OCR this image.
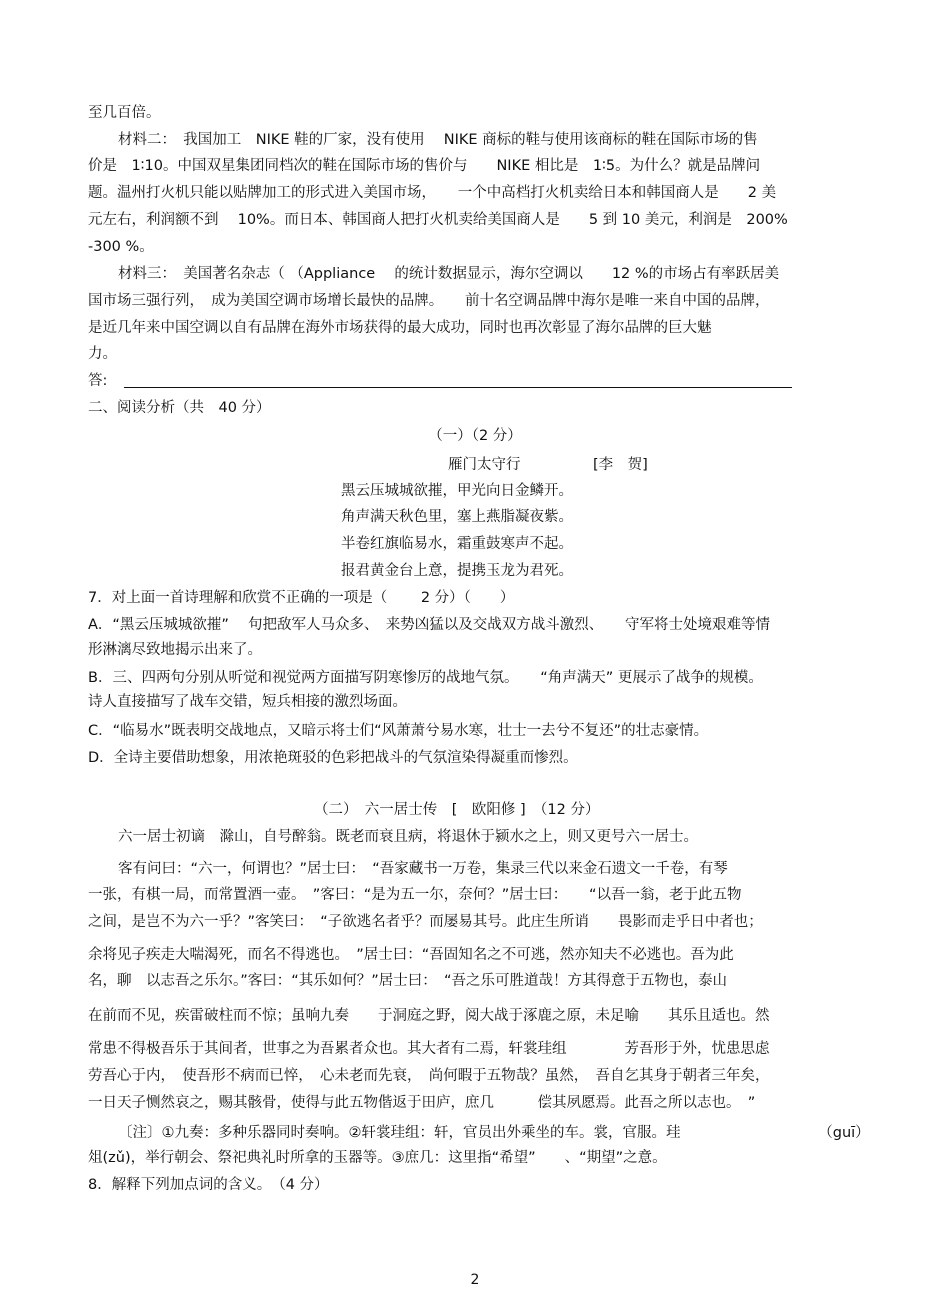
至几百倍。
材料二：　我国加工　NIKE 鞋的厂家，没有使用　 NIKE 商标的鞋与使用该商标的鞋在国际市场的售
价是　1∶10。中国双星集团同档次的鞋在国际市场的售价与　　NIKE 相比是　1∶5。为什么？就是品牌问
题。温州打火机只能以贴牌加工的形式进入美国市场，　　一个中高档打火机卖给日本和韩国商人是　　2 美
元左右，利润额不到　 10%。而日本、韩国商人把打火机卖给美国商人是　　5 到 10 美元，利润是　200%
-300 %。
材料三：　美国著名杂志（ （Appliance　 的统计数据显示，海尔空调以　　12 %的市场占有率跃居美
国市场三强行列，　成为美国空调市场增长最快的品牌。　　前十名空调品牌中海尔是唯一来自中国的品牌，
是近几年来中国空调以自有品牌在海外市场获得的最大成功，同时也再次彰显了海尔品牌的巨大魅
力。
答:
二、阅读分析（共　40 分）
（一）（2 分）
雁门太守行　　　　　[李　贺]
黑云压城城欲摧，甲光向日金鳞开。
角声满天秋色里，塞上燕脂凝夜紫。
半卷红旗临易水，霜重鼓寒声不起。
报君黄金台上意，提携玉龙为君死。
7．对上面一首诗理解和欣赏不正确的一项是（　　 2 分）（　　）
A．“黑云压城城欲摧”　 句把敌军人马众多、　来势凶猛以及交战双方战斗激烈、　　守军将士处境艰难等情
形淋漓尽致地揭示出来了。
B．三、四两句分别从听觉和视觉两方面描写阴寒惨厉的战地气氛。　　“角声满天” 更展示了战争的规模。
诗人直接描写了战车交错，短兵相接的激烈场面。
C．“临易水”既表明交战地点，又暗示将士们“风萧萧兮易水寒，壮士一去兮不复还”的壮志豪情。
D．全诗主要借助想象，用浓艳斑驳的色彩把战斗的气氛渲染得凝重而惨烈。
（二）　六一居士传　[　欧阳修 ]　（12 分）
六一居士初谪　滁山，自号醉翁。既老而衰且病，将退休于颍水之上，则又更号六一居士。
客有问曰：“六一，何谓也？”居士曰：　“吾家藏书一万卷，集录三代以来金石遗文一千卷，有琴
一张，有棋一局，而常置酒一壶。　”客曰：“是为五一尔，奈何？”居士曰：　　“以吾一翁，老于此五物
之间，是岂不为六一乎？”客笑曰：　“子欲逃名者乎？而屡易其号。此庄生所诮　　畏影而走乎日中者也；
余将见子疾走大喘渴死，而名不得逃也。　”居士曰：“吾固知名之不可逃，然亦知夫不必逃也。吾为此
名，聊　以志吾之乐尔。”客曰：“其乐如何？”居士曰：　“吾之乐可胜道哉！方其得意于五物也，泰山
在前而不见，疾雷破柱而不惊；虽响九奏　　于洞庭之野，阅大战于涿鹿之原，未足喻　　其乐且适也。然
常患不得极吾乐于其间者，世事之为吾累者众也。其大者有二焉，轩裳珪组　　　　芳吾形于外，忧患思虑
劳吾心于内，　使吾形不病而已悴，　心未老而先衰，　尚何暇于五物哉？虽然，　吾自乞其身于朝者三年矣，
一日天子恻然哀之，赐其骸骨，使得与此五物偕返于田庐，庶几　　　偿其夙愿焉。此吾之所以志也。　”
〔注〕①九奏：多种乐器同时奏响。②轩裳珪组：轩，官员出外乘坐的车。裳，官服。珪　　　　　　　　　　（guī）
俎(zǔ)，举行朝会、祭祀典礼时所拿的玉器等。③庶几：这里指“希望”　　、“期望”之意。
8．解释下列加点词的含义。　（4 分）
2
